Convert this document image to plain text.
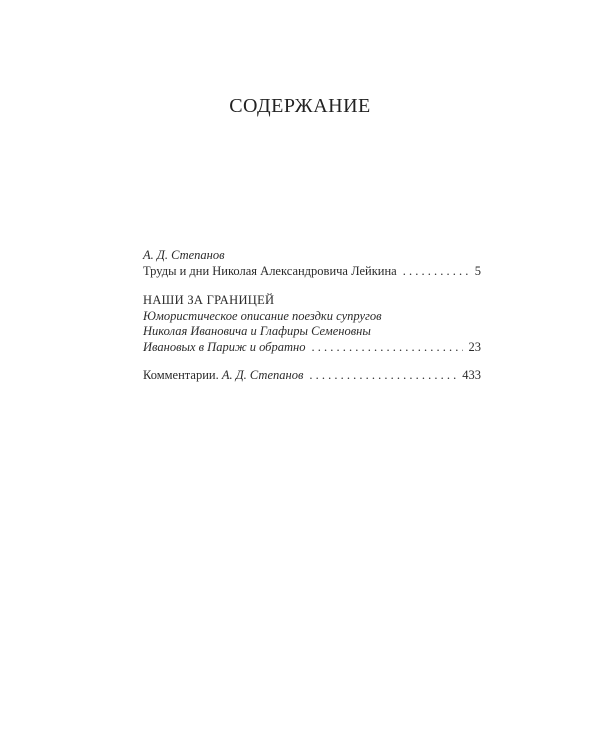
СОДЕРЖАНИЕ
А. Д. Степанов
Труды и дни Николая Александровича Лейкина . . .	5
НАШИ ЗА ГРАНИЦЕЙ
Юмористическое описание поездки супругов
Николая Ивановича и Глафиры Семеновны
Ивановых в Париж и обратно . . .	23
Комментарии. А. Д. Степанов . . .	433
